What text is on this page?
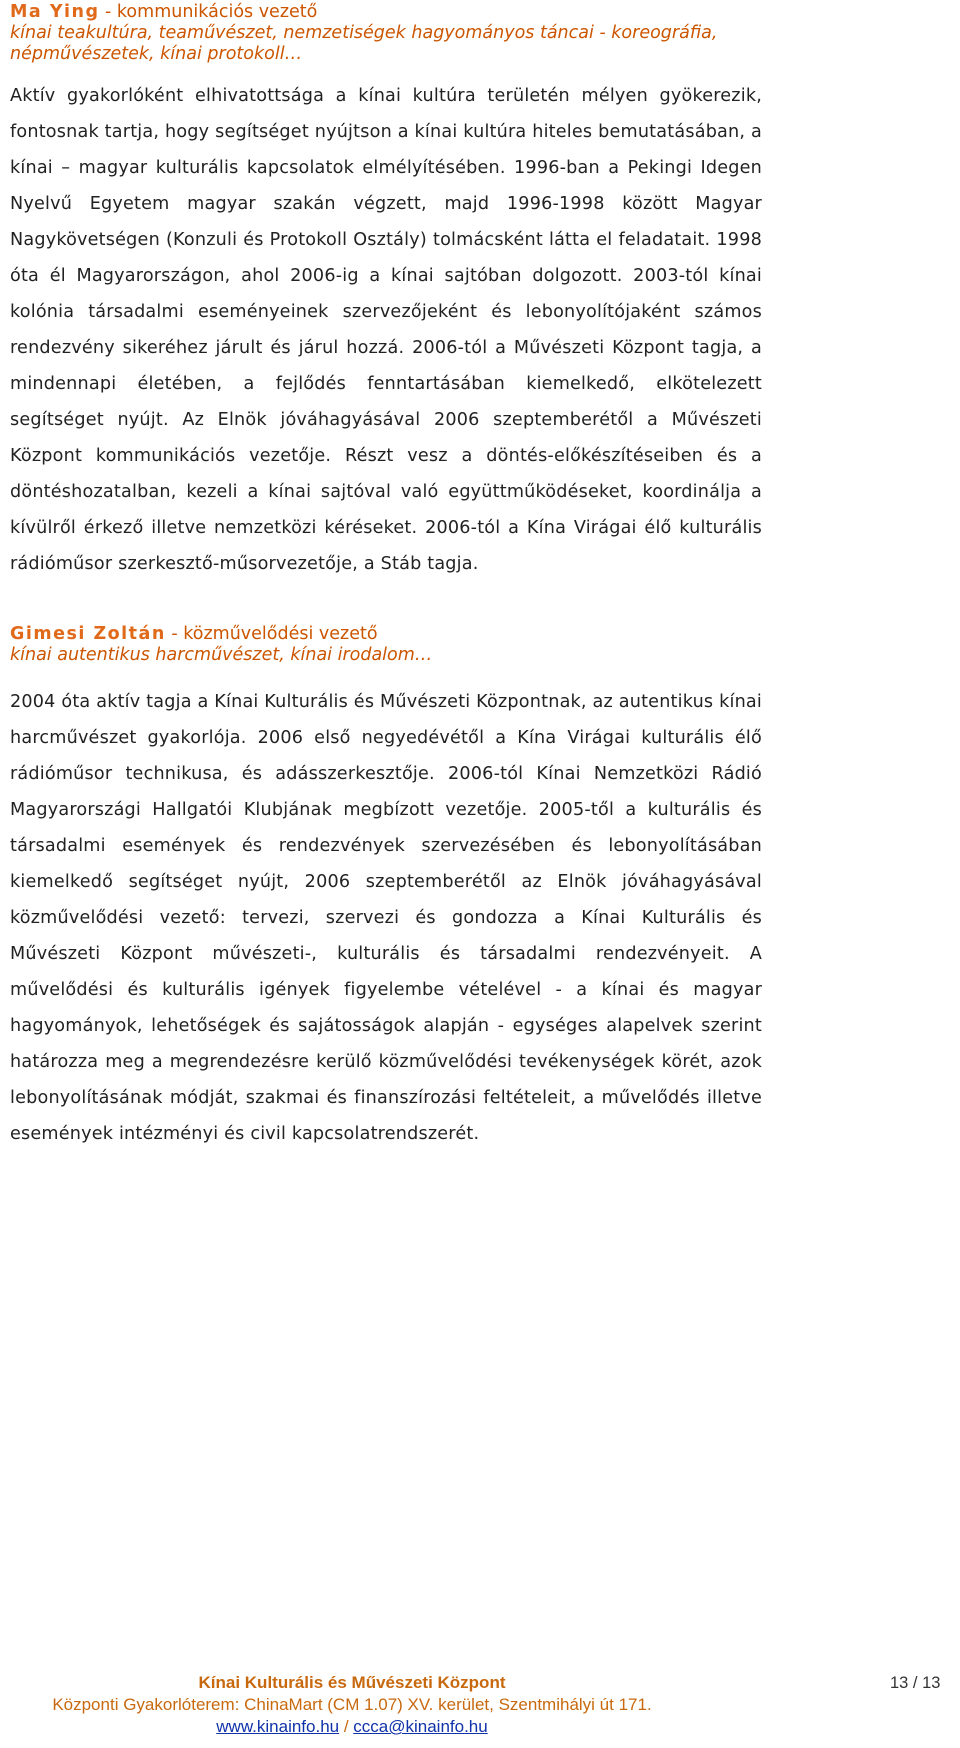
Ma Ying - kommunikációs vezető

kínai teakultúra, teaművészet, nemzetiségek hagyományos táncai - koreográfia, népművészetek, kínai protokoll…

Aktív gyakorlóként elhivatottsága a kínai kultúra területén mélyen gyökerezik, fontosnak tartja, hogy segítséget nyújtson a kínai kultúra hiteles bemutatásában, a kínai – magyar kulturális kapcsolatok elmélyítésében. 1996-ban a Pekingi Idegen Nyelvű Egyetem magyar szakán végzett, majd 1996-1998 között Magyar Nagykövetségen (Konzuli és Protokoll Osztály) tolmácsként látta el feladatait. 1998 óta él Magyarországon, ahol 2006-ig a kínai sajtóban dolgozott. 2003-tól kínai kolónia társadalmi eseményeinek szervezőjeként és lebonyolítójaként számos rendezvény sikeréhez járult és járul hozzá. 2006-tól a Művészeti Központ tagja, a mindennapi életében, a fejlődés fenntartásában kiemelkedő, elkötelezett segítséget nyújt. Az Elnök jóváhagyásával 2006 szeptemberétől a Művészeti Központ kommunikációs vezetője. Részt vesz a döntés-előkészítéseiben és a döntéshozatalban, kezeli a kínai sajtóval való együttműködéseket, koordinálja a kívülről érkező illetve nemzetközi kéréseket. 2006-tól a Kína Virágai élő kulturális rádióműsor szerkesztő-műsorvezetője, a Stáb tagja.

Gimesi Zoltán - közművelődési vezető

kínai autentikus harcművészet, kínai irodalom…

2004 óta aktív tagja a Kínai Kulturális és Művészeti Központnak, az autentikus kínai harcművészet gyakorlója. 2006 első negyedévétől a Kína Virágai kulturális élő rádióműsor technikusa, és adásszerkesztője. 2006-tól Kínai Nemzetközi Rádió Magyarországi Hallgatói Klubjának megbízott vezetője. 2005-től a kulturális és társadalmi események és rendezvények szervezésében és lebonyolításában kiemelkedő segítséget nyújt, 2006 szeptemberétől az Elnök jóváhagyásával közművelődési vezető: tervezi, szervezi és gondozza a Kínai Kulturális és Művészeti Központ művészeti-, kulturális és társadalmi rendezvényeit. A művelődési és kulturális igények figyelembe vételével - a kínai és magyar hagyományok, lehetőségek és sajátosságok alapján - egységes alapelvek szerint határozza meg a megrendezésre kerülő közművelődési tevékenységek körét, azok lebonyolításának módját, szakmai és finanszírozási feltételeit, a művelődés illetve események intézményi és civil kapcsolatrendszerét.

Kínai Kulturális és Művészeti Központ
Központi Gyakorlóterem: ChinaMart (CM 1.07) XV. kerület, Szentmihályi út 171.
www.kinainfo.hu / ccca@kinainfo.hu
13 / 13
